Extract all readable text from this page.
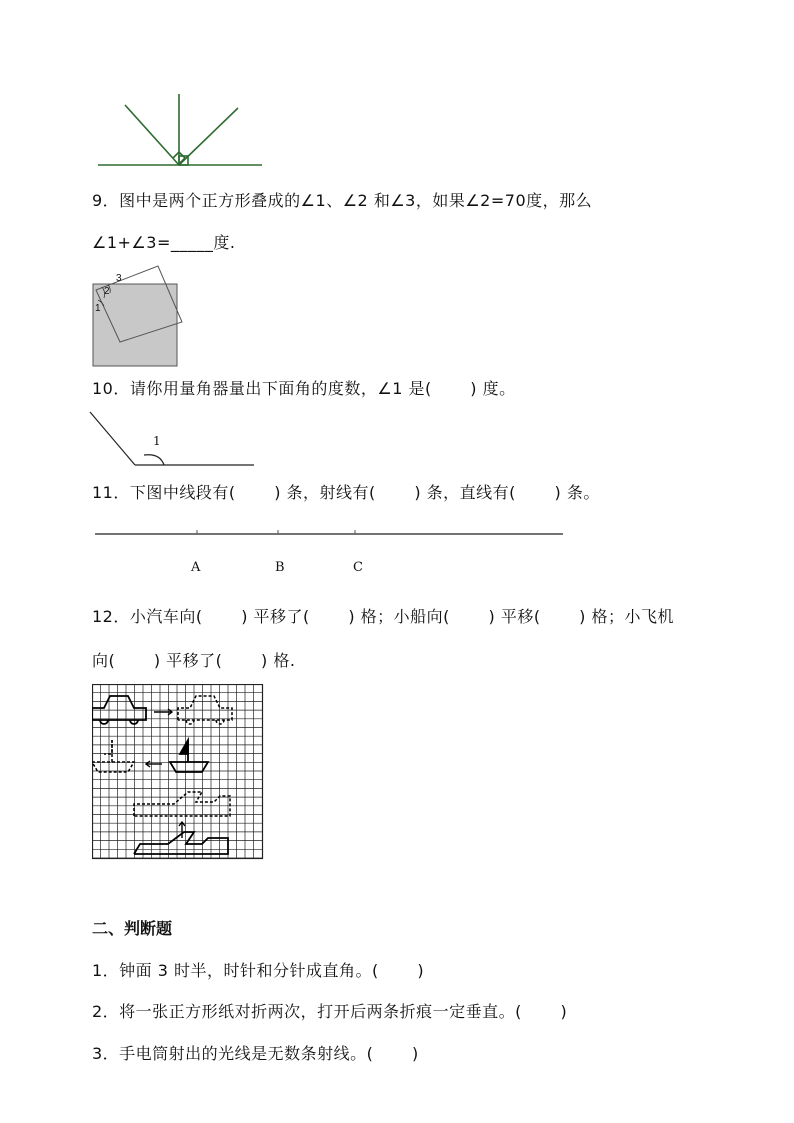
9．图中是两个正方形叠成的∠1、∠2 和∠3，如果∠2=70度，那么
∠1+∠3=_____度.
3
2
1
10．请你用量角器量出下面角的度数，∠1 是(　 　) 度。
1
11．下图中线段有(　 　) 条，射线有(　 　) 条，直线有(　 　) 条。
A	B	C
12．小汽车向(　 　) 平移了(　 　) 格；小船向(　 　) 平移(　 　) 格；小飞机
向(　 　) 平移了(　 　) 格.
二、判断题
1．钟面 3 时半，时针和分针成直角。(　 　)
2．将一张正方形纸对折两次，打开后两条折痕一定垂直。(　 　)
3．手电筒射出的光线是无数条射线。(　 　)
